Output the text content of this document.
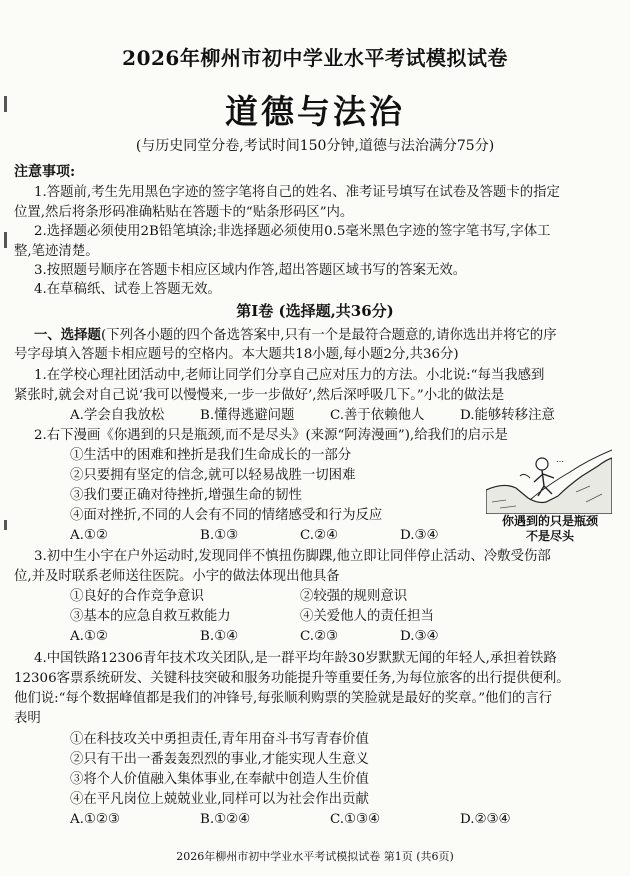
2026年柳州市初中学业水平考试模拟试卷
道德与法治
(与历史同堂分卷,考试时间150分钟,道德与法治满分75分)
注意事项:
1.答题前,考生先用黑色字迹的签字笔将自己的姓名、准考证号填写在试卷及答题卡的指定
位置,然后将条形码准确粘贴在答题卡的“贴条形码区”内。
2.选择题必须使用2B铅笔填涂;非选择题必须使用0.5毫米黑色字迹的签字笔书写,字体工
整,笔迹清楚。
3.按照题号顺序在答题卡相应区域内作答,超出答题区域书写的答案无效。
4.在草稿纸、试卷上答题无效。
第Ⅰ卷 (选择题,共36分)
一、选择题(下列各小题的四个备选答案中,只有一个是最符合题意的,请你选出并将它的序
号字母填入答题卡相应题号的空格内。本大题共18小题,每小题2分,共36分)
1.在学校心理社团活动中,老师让同学们分享自己应对压力的方法。小北说:“每当我感到
紧张时,就会对自己说‘我可以慢慢来,一步一步做好’,然后深呼吸几下。”小北的做法是
A.学会自我放松	B.懂得逃避问题	C.善于依赖他人	D.能够转移注意
2.右下漫画《你遇到的只是瓶颈,而不是尽头》(来源“阿涛漫画”),给我们的启示是
①生活中的困难和挫折是我们生命成长的一部分
②只要拥有坚定的信念,就可以轻易战胜一切困难
③我们要正确对待挫折,增强生命的韧性
④面对挫折,不同的人会有不同的情绪感受和行为反应
A.①②	B.①③	C.②④	D.③④
…
你遇到的只是瓶颈
不是尽头
3.初中生小宇在户外运动时,发现同伴不慎扭伤脚踝,他立即让同伴停止活动、冷敷受伤部
位,并及时联系老师送往医院。小宇的做法体现出他具备
①良好的合作竞争意识	②较强的规则意识
③基本的应急自救互救能力	④关爱他人的责任担当
A.①②	B.①④	C.②③	D.③④
4.中国铁路12306青年技术攻关团队,是一群平均年龄30岁默默无闻的年轻人,承担着铁路
12306客票系统研发、关键科技突破和服务功能提升等重要任务,为每位旅客的出行提供便利。
他们说:“每个数据峰值都是我们的冲锋号,每张顺利购票的笑脸就是最好的奖章。”他们的言行
表明
①在科技攻关中勇担责任,青年用奋斗书写青春价值
②只有干出一番轰轰烈烈的事业,才能实现人生意义
③将个人价值融入集体事业,在奉献中创造人生价值
④在平凡岗位上兢兢业业,同样可以为社会作出贡献
A.①②③	B.①②④	C.①③④	D.②③④
2026年柳州市初中学业水平考试模拟试卷 第1页 (共6页)
